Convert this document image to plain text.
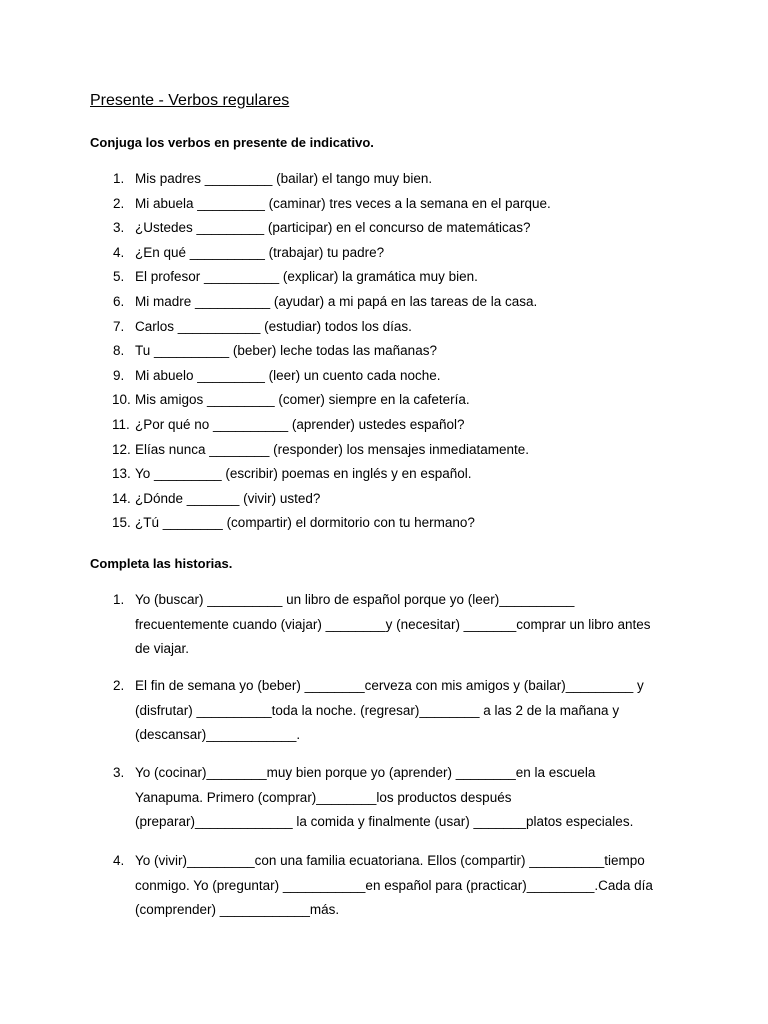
Presente - Verbos regulares

Conjuga los verbos en presente de indicativo.

1. Mis padres _________ (bailar) el tango muy bien.
2. Mi abuela _________ (caminar) tres veces a la semana en el parque.
3. ¿Ustedes _________ (participar) en el concurso de matemáticas?
4. ¿En qué __________ (trabajar) tu padre?
5. El profesor __________ (explicar) la gramática muy bien.
6. Mi madre __________ (ayudar) a mi papá en las tareas de la casa.
7. Carlos ___________ (estudiar) todos los días.
8. Tu __________ (beber) leche todas las mañanas?
9. Mi abuelo _________ (leer) un cuento cada noche.
10. Mis amigos _________ (comer) siempre en la cafetería.
11. ¿Por qué no __________ (aprender) ustedes español?
12. Elías nunca ________ (responder) los mensajes inmediatamente.
13. Yo _________ (escribir) poemas en inglés y en español.
14. ¿Dónde _______ (vivir) usted?
15. ¿Tú ________ (compartir) el dormitorio con tu hermano?

Completa las historias.

1. Yo (buscar) __________ un libro de español porque yo (leer)__________
frecuentemente cuando (viajar) ________y (necesitar) _______comprar un libro antes
de viajar.
2. El fin de semana yo (beber) ________cerveza con mis amigos y (bailar)_________ y
(disfrutar) __________toda la noche. (regresar)________ a las 2 de la mañana y
(descansar)____________.
3. Yo (cocinar)________muy bien porque yo (aprender) ________en la escuela
Yanapuma. Primero (comprar)________los productos después
(preparar)_____________ la comida y finalmente (usar) _______platos especiales.
4. Yo (vivir)_________con una familia ecuatoriana. Ellos (compartir) __________tiempo
conmigo. Yo (preguntar) ___________en español para (practicar)_________.Cada día
(comprender) ____________más.
